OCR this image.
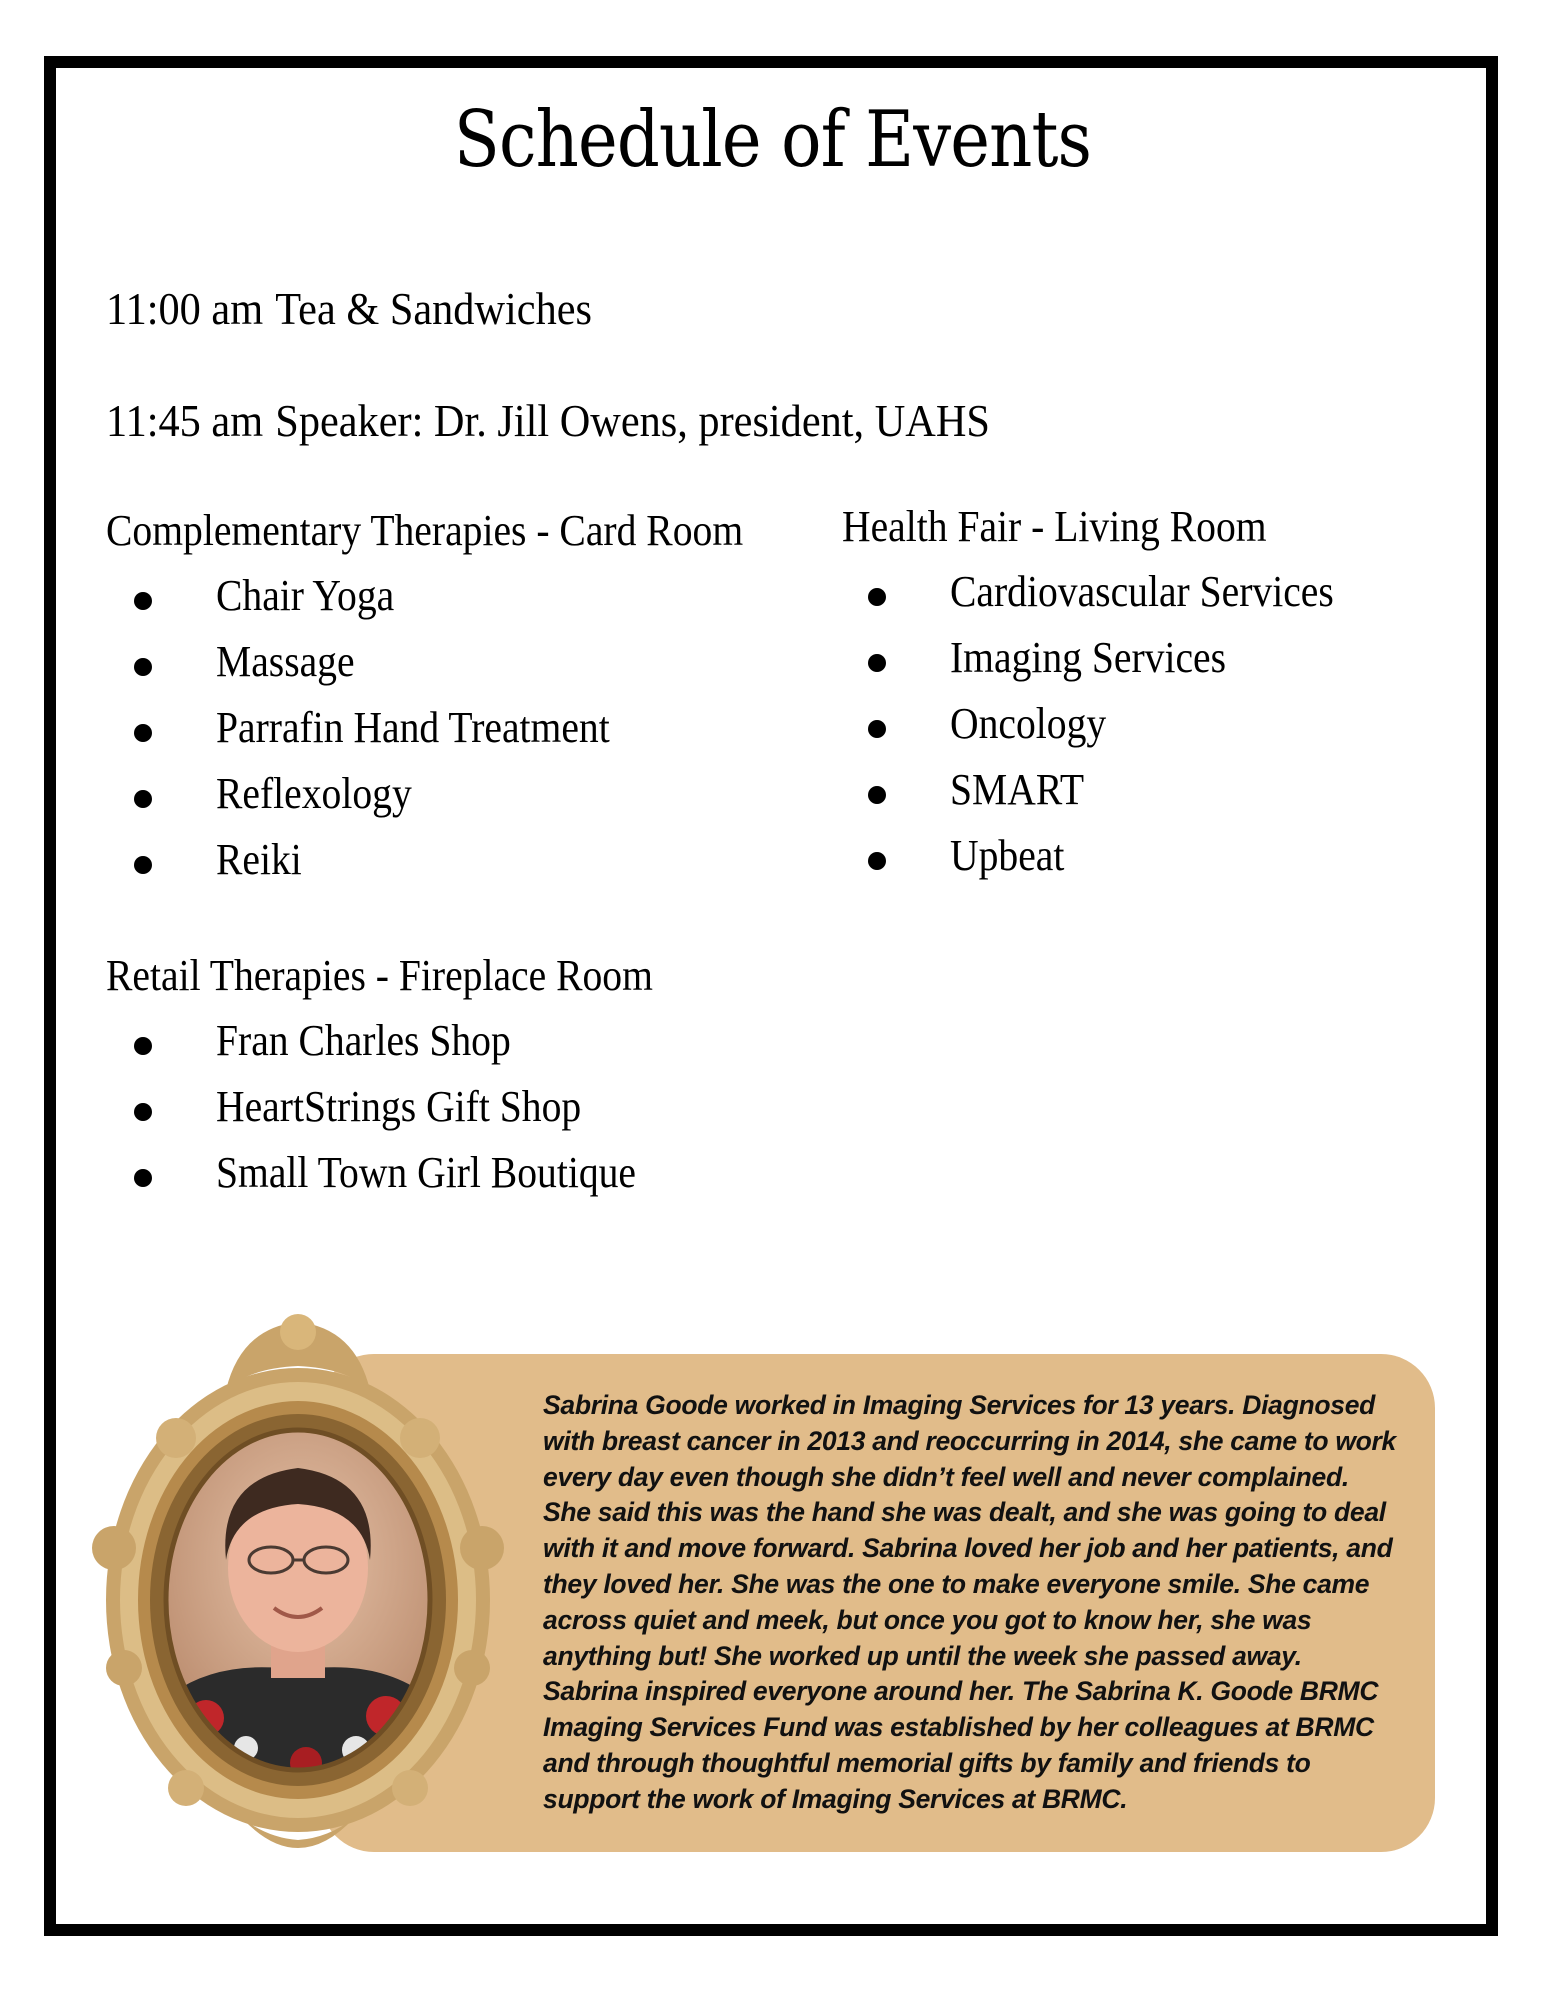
Schedule of Events
11:00 am Tea & Sandwiches
11:45 am Speaker: Dr. Jill Owens, president, UAHS
Complementary Therapies - Card Room
Chair Yoga
Massage
Parrafin Hand Treatment
Reflexology
Reiki
Health Fair - Living Room
Cardiovascular Services
Imaging Services
Oncology
SMART
Upbeat
Retail Therapies - Fireplace Room
Fran Charles Shop
HeartStrings Gift Shop
Small Town Girl Boutique
Sabrina Goode worked in Imaging Services for 13 years. Diagnosed with breast cancer in 2013 and reoccurring in 2014, she came to work every day even though she didn’t feel well and never complained. She said this was the hand she was dealt, and she was going to deal with it and move forward. Sabrina loved her job and her patients, and they loved her. She was the one to make everyone smile. She came across quiet and meek, but once you got to know her, she was anything but! She worked up until the week she passed away. Sabrina inspired everyone around her. The Sabrina K. Goode BRMC Imaging Services Fund was established by her colleagues at BRMC and through thoughtful memorial gifts by family and friends to support the work of Imaging Services at BRMC.
